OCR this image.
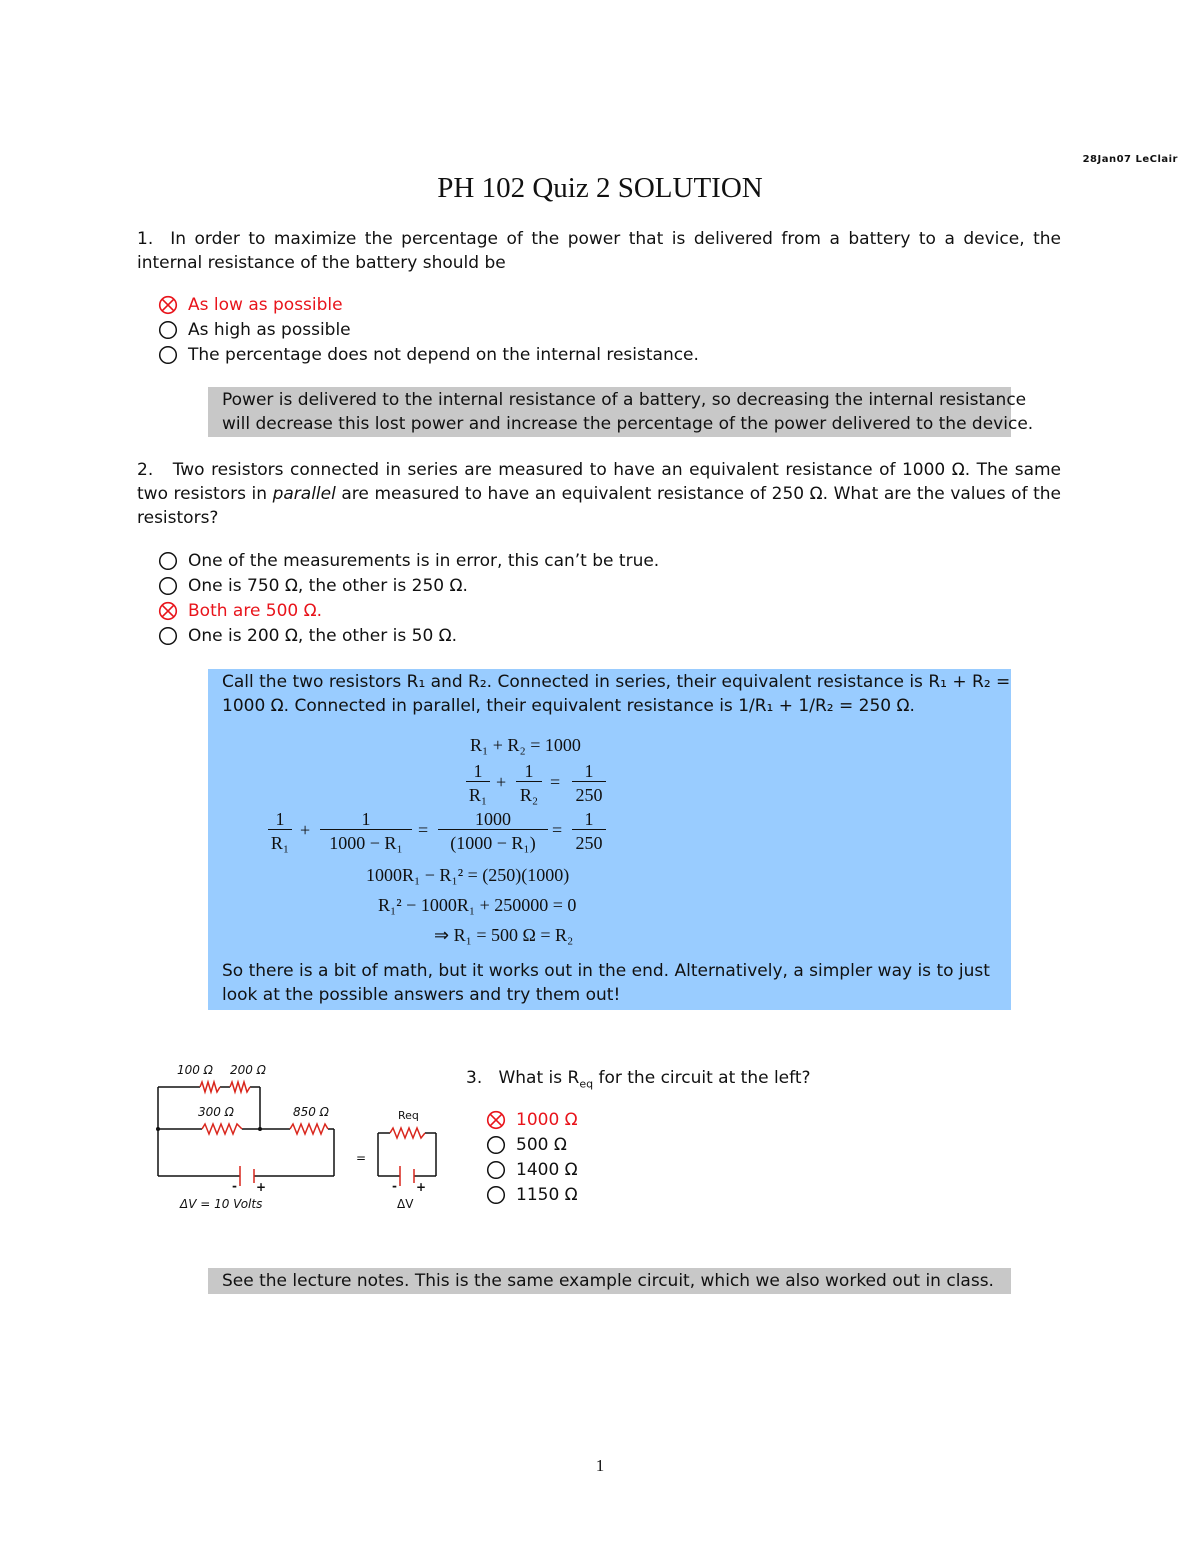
28Jan07 LeClair
PH 102 Quiz 2 SOLUTION
1. In order to maximize the percentage of the power that is delivered from a battery to a device, the internal resistance of the battery should be
As low as possible
As high as possible
The percentage does not depend on the internal resistance.

Power is delivered to the internal resistance of a battery, so decreasing the internal resistance

will decrease this lost power and increase the percentage of the power delivered to the device.

2. Two resistors connected in series are measured to have an equivalent resistance of 1000 Ω. The same two resistors in parallel are measured to have an equivalent resistance of 250 Ω. What are the values of the resistors?
One of the measurements is in error, this can’t be true.
One is 750 Ω, the other is 250 Ω.
Both are 500 Ω.
One is 200 Ω, the other is 50 Ω.

Call the two resistors R₁ and R₂. Connected in series, their equivalent resistance is R₁ + R₂ =

1000 Ω. Connected in parallel, their equivalent resistance is 1/R₁ + 1/R₂ = 250 Ω.

R₁ + R₂ = 1000
1
R₁
+
1
R₂
=
1
250
1
R₁
+
1
1000 − R₁
=
1000
(1000 − R₁)
=
1
250
1000R₁ − R₁² = (250)(1000)
R₁² − 1000R₁ + 250000 = 0
⇒ R₁ = 500 Ω = R₂

So there is a bit of math, but it works out in the end. Alternatively, a simpler way is to just

look at the possible answers and try them out!

100 Ω 200 Ω
300 Ω	850 Ω	Req
=
- +	- +
ΔV = 10 Volts	ΔV
3. What is $R_{eq}$ for the circuit at the left?
1000 Ω
500 Ω
1400 Ω
1150 Ω

See the lecture notes. This is the same example circuit, which we also worked out in class.

1
